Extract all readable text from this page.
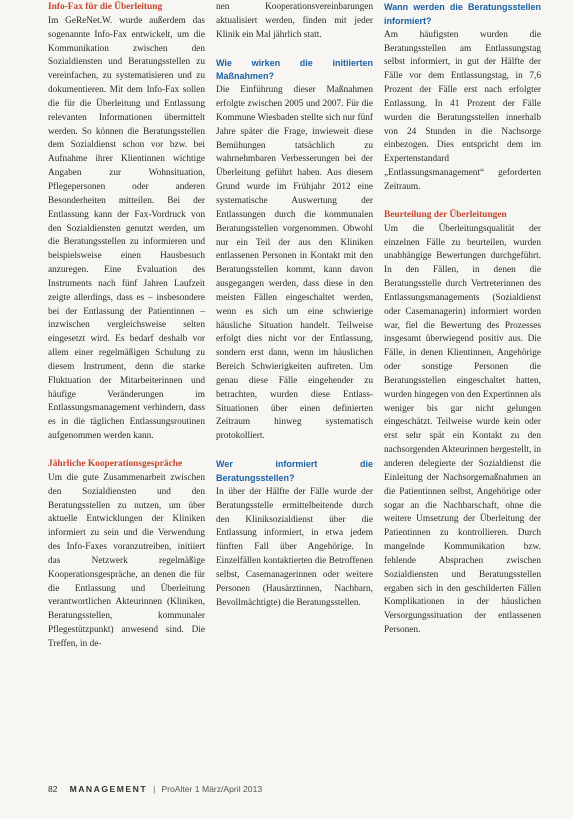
Info-Fax für die Überleitung

Im GeReNet.W. wurde außerdem das sogenannte Info-Fax entwickelt, um die Kommunikation zwischen den Sozialdiensten und Beratungsstellen zu vereinfachen, zu systematisieren und zu dokumentieren. Mit dem Info-Fax sollen die für die Überleitung und Entlassung relevanten Informationen übermittelt werden. So können die Beratungsstellen dem Sozialdienst schon vor bzw. bei Aufnahme ihrer Klientinnen wichtige Angaben zur Wohnsituation, Pflegepersonen oder anderen Besonderheiten mitteilen. Bei der Entlassung kann der Fax-Vordruck von den Sozialdiensten genutzt werden, um die Beratungsstellen zu informieren und beispielsweise einen Hausbesuch anzuregen. Eine Evaluation des Instruments nach fünf Jahren Laufzeit zeigte allerdings, dass es – insbesondere bei der Entlassung der Patientinnen – inzwischen vergleichsweise selten eingesetzt wird. Es bedarf deshalb vor allem einer regelmäßigen Schulung zu diesem Instrument, denn die starke Fluktuation der Mitarbeiterinnen und häufige Veränderungen im Entlassungsmanagement verhindern, dass es in die täglichen Entlassungsroutinen aufgenommen werden kann.

Jährliche Kooperationsgespräche

Um die gute Zusammenarbeit zwischen den Sozialdiensten und den Beratungsstellen zu nutzen, um über aktuelle Entwicklungen der Kliniken informiert zu sein und die Verwendung des Info-Faxes voranzutreiben, initiiert das Netzwerk regelmäßige Kooperationsgespräche, an denen die für die Entlassung und Überleitung verantwortlichen Akteurinnen (Kliniken, Beratungsstellen, kommunaler Pflegestützpunkt) anwesend sind. Die Treffen, in de-

nen Kooperationsvereinbarungen aktualisiert werden, finden mit jeder Klinik ein Mal jährlich statt.

Wie wirken die initiierten Maßnahmen?

Die Einführung dieser Maßnahmen erfolgte zwischen 2005 und 2007. Für die Kommune Wiesbaden stellte sich nur fünf Jahre später die Frage, inwieweit diese Bemühungen tatsächlich zu wahrnehmbaren Verbesserungen bei der Überleitung geführt haben. Aus diesem Grund wurde im Frühjahr 2012 eine systematische Auswertung der Entlassungen durch die kommunalen Beratungsstellen vorgenommen. Obwohl nur ein Teil der aus den Kliniken entlassenen Personen in Kontakt mit den Beratungsstellen kommt, kann davon ausgegangen werden, dass diese in den meisten Fällen eingeschaltet werden, wenn es sich um eine schwierige häusliche Situation handelt. Teilweise erfolgt dies nicht vor der Entlassung, sondern erst dann, wenn im häuslichen Bereich Schwierigkeiten auftreten. Um genau diese Fälle eingehender zu betrachten, wurden diese Entlass-Situationen über einen definierten Zeitraum hinweg systematisch protokolliert.

Wer informiert die Beratungsstellen?

In über der Hälfte der Fälle wurde der Beratungsstelle ermittelbeitende durch den Kliniksozialdienst über die Entlassung informiert, in etwa jedem fünften Fall über Angehörige. In Einzelfällen kontaktierten die Betroffenen selbst, Casemanagerinnen oder weitere Personen (Hausärztinnen, Nachbarn, Bevollmächtigte) die Beratungsstellen.

Wann werden die Beratungsstellen informiert?

Am häufigsten wurden die Beratungsstellen am Entlassungstag selbst informiert, in gut der Hälfte der Fälle vor dem Entlassungstag, in 7,6 Prozent der Fälle erst nach erfolgter Entlassung. In 41 Prozent der Fälle wurden die Beratungsstellen innerhalb von 24 Stunden in die Nachsorge einbezogen. Dies entspricht dem im Expertenstandard „Entlassungsmanagement“ geforderten Zeitraum.

Beurteilung der Überleitungen

Um die Überleitungsqualität der einzelnen Fälle zu beurteilen, wurden unabhängige Bewertungen durchgeführt. In den Fällen, in denen die Beratungsstelle durch Vertreterinnen des Entlassungsmanagements (Sozialdienst oder Casemanagerin) informiert worden war, fiel die Bewertung des Prozesses insgesamt überwiegend positiv aus. Die Fälle, in denen Klientinnen, Angehörige oder sonstige Personen die Beratungsstellen eingeschaltet hatten, wurden hingegen von den Expertinnen als weniger bis gar nicht gelungen eingeschätzt. Teilweise wurde kein oder erst sehr spät ein Kontakt zu den nachsorgenden Akteurinnen hergestellt, in anderen delegierte der Sozialdienst die Einleitung der Nachsorgemaßnahmen an die Patientinnen selbst, Angehörige oder sogar an die Nachbarschaft, ohne die weitere Umsetzung der Überleitung der Patientinnen zu kontrollieren. Durch mangelnde Kommunikation bzw. fehlende Absprachen zwischen Sozialdiensten und Beratungsstellen ergaben sich in den geschilderten Fällen Komplikationen in der häuslichen Versorgungssituation der entlassenen Personen.

82 MANAGEMENT | ProAlter 1 März/April 2013
